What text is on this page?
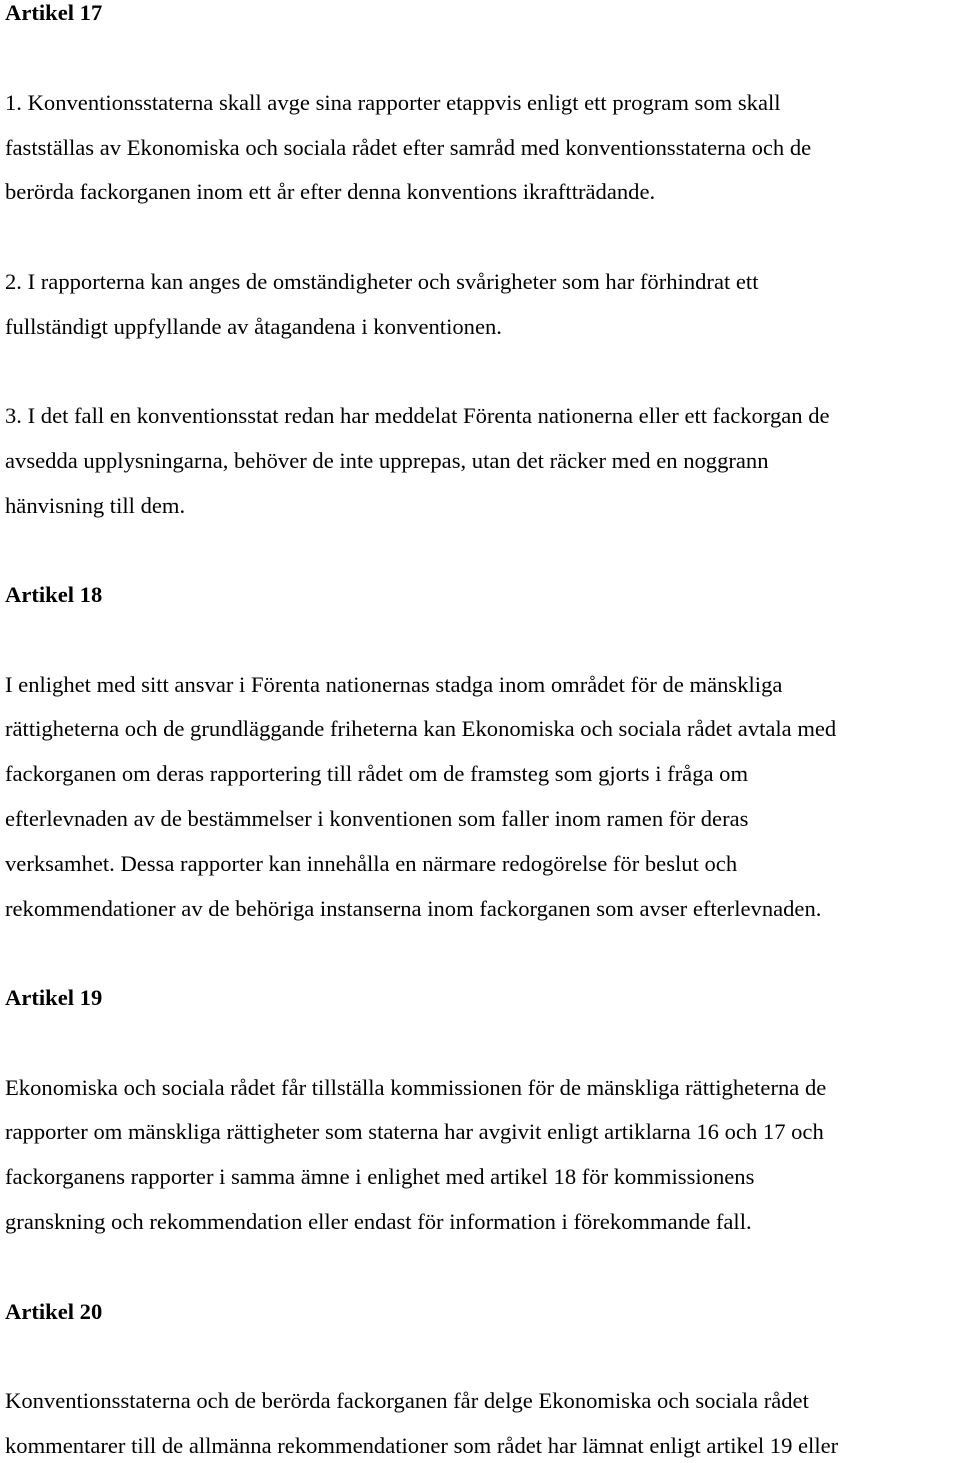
Artikel 17
1. Konventionsstaterna skall avge sina rapporter etappvis enligt ett program som skall
fastställas av Ekonomiska och sociala rådet efter samråd med konventionsstaterna och de
berörda fackorganen inom ett år efter denna konventions ikraftträdande.
2. I rapporterna kan anges de omständigheter och svårigheter som har förhindrat ett
fullständigt uppfyllande av åtagandena i konventionen.
3. I det fall en konventionsstat redan har meddelat Förenta nationerna eller ett fackorgan de
avsedda upplysningarna, behöver de inte upprepas, utan det räcker med en noggrann
hänvisning till dem.
Artikel 18
I enlighet med sitt ansvar i Förenta nationernas stadga inom området för de mänskliga
rättigheterna och de grundläggande friheterna kan Ekonomiska och sociala rådet avtala med
fackorganen om deras rapportering till rådet om de framsteg som gjorts i fråga om
efterlevnaden av de bestämmelser i konventionen som faller inom ramen för deras
verksamhet. Dessa rapporter kan innehålla en närmare redogörelse för beslut och
rekommendationer av de behöriga instanserna inom fackorganen som avser efterlevnaden.
Artikel 19
Ekonomiska och sociala rådet får tillställa kommissionen för de mänskliga rättigheterna de
rapporter om mänskliga rättigheter som staterna har avgivit enligt artiklarna 16 och 17 och
fackorganens rapporter i samma ämne i enlighet med artikel 18 för kommissionens
granskning och rekommendation eller endast för information i förekommande fall.
Artikel 20
Konventionsstaterna och de berörda fackorganen får delge Ekonomiska och sociala rådet
kommentarer till de allmänna rekommendationer som rådet har lämnat enligt artikel 19 eller
